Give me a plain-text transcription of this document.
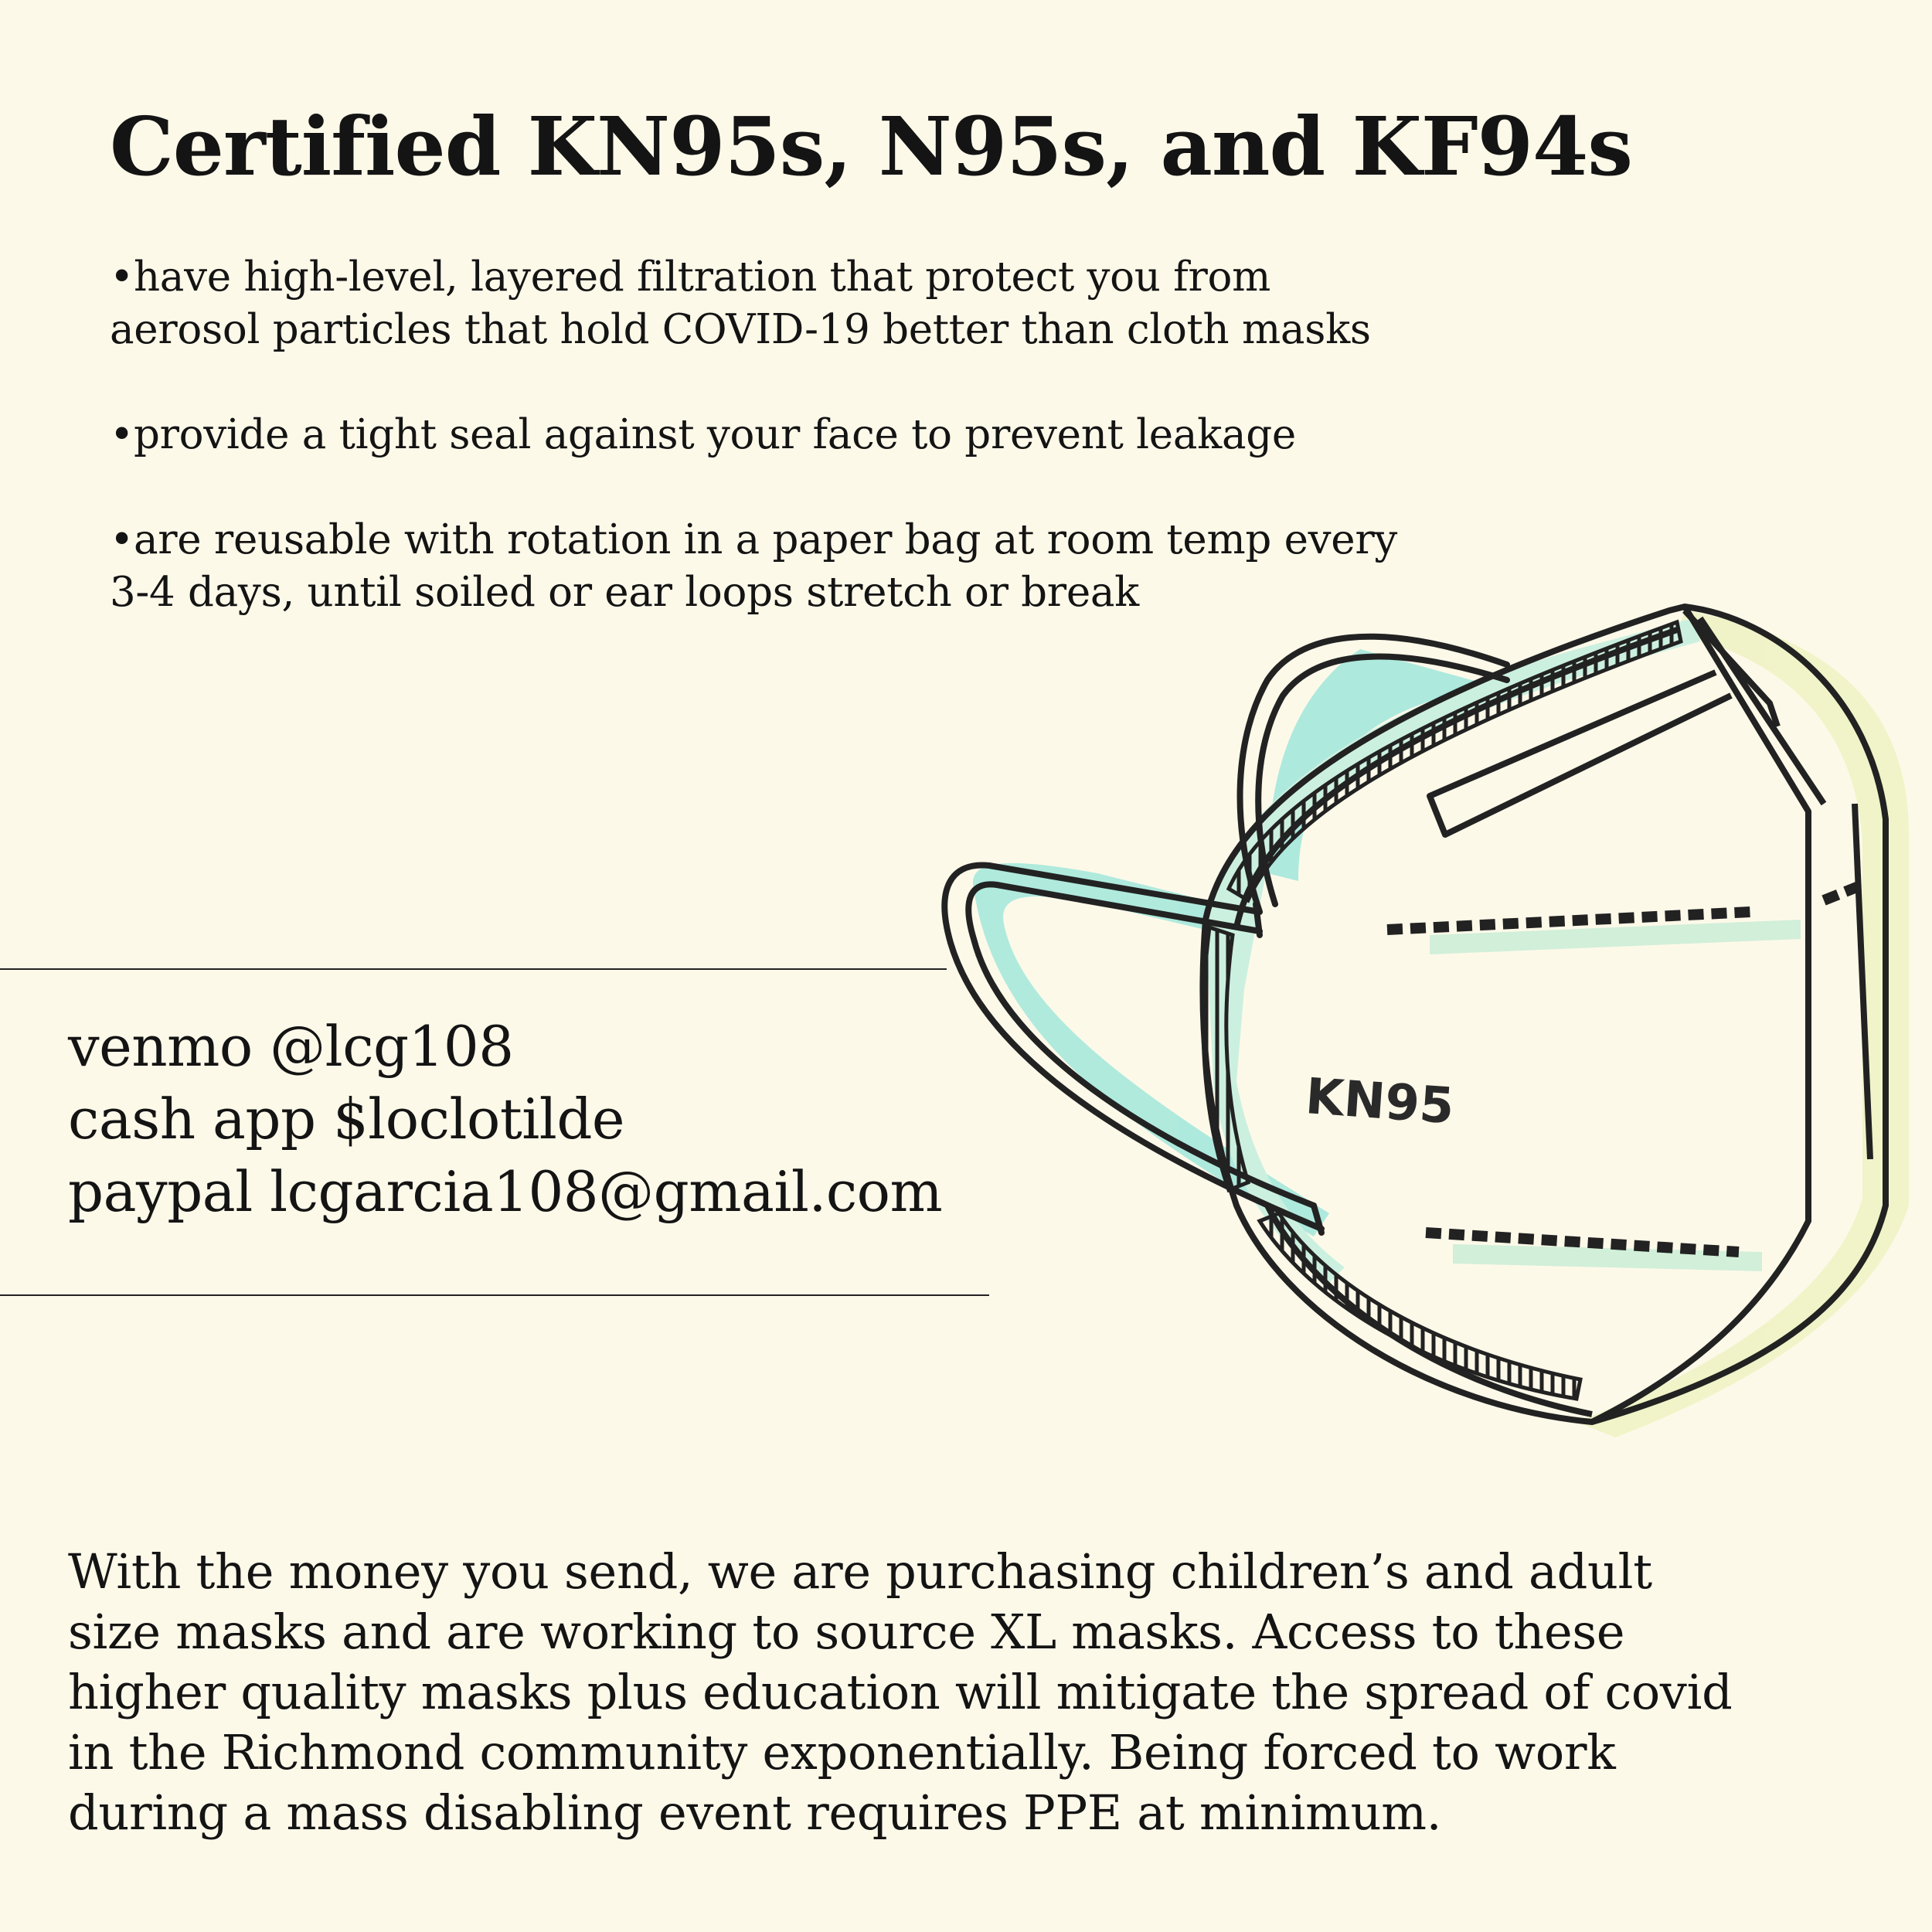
Certified KN95s, N95s, and KF94s
•have high-level, layered filtration that protect you from
aerosol particles that hold COVID-19 better than cloth masks
•provide a tight seal against your face to prevent leakage
•are reusable with rotation in a paper bag at room temp every
3-4 days, until soiled or ear loops stretch or break
KN95
venmo @lcg108
cash app $loclotilde
paypal lcgarcia108@gmail.com
With the money you send, we are purchasing children’s and adult
size masks and are working to source XL masks. Access to these
higher quality masks plus education will mitigate the spread of covid
in the Richmond community exponentially. Being forced to work
during a mass disabling event requires PPE at minimum.
